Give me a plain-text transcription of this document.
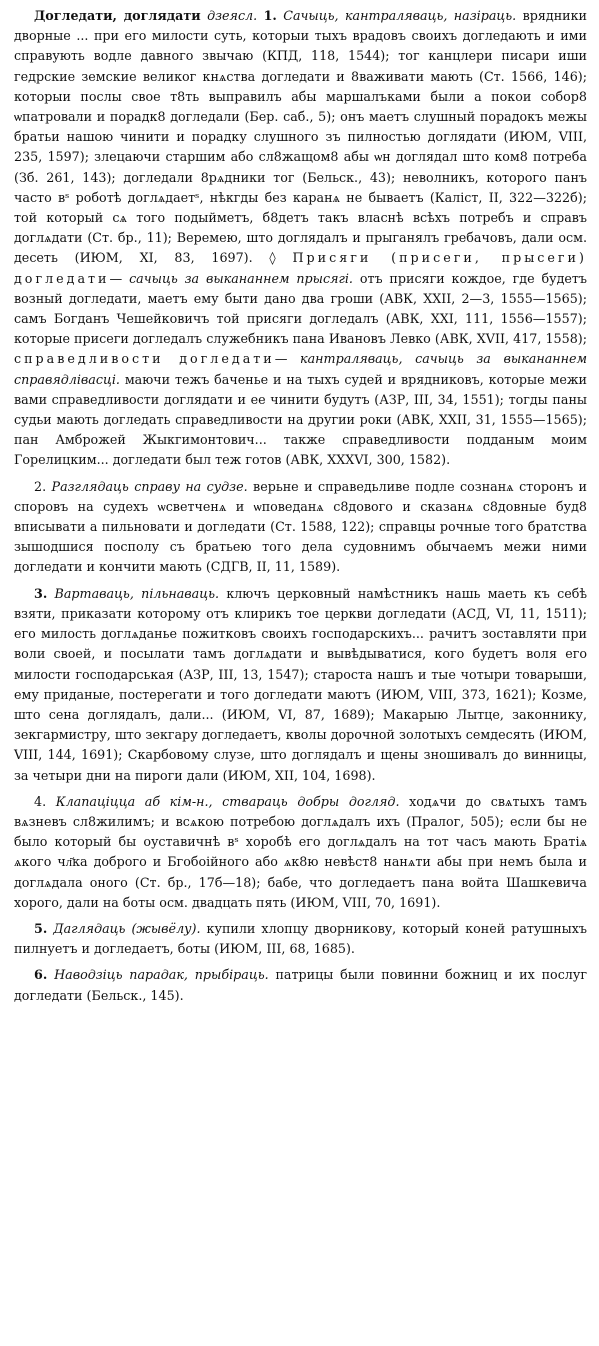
Догледати, доглядати дзеясл. 1. Сачыць, кантраляваць, назіраць. врядники дворные ... при его милости суть, которыи тыхъ врадовъ своихъ догледають и ими справують водле давного звычаю (КПД, 118, 1544); тог канцлери писари иши гедрские земские великог кнѧства догледати и 8важивати мають (Ст. 1566, 146); которыи послы свое т8ть выправилъ абы маршалъками были а покои собор8 ѡпатровали и порадк8 догледали (Бер. саб., 5); онъ маетъ слушный порадокъ межы братьи нашою чинити и порадку слушного зъ пилностью доглядати (ИЮМ, VIII, 235, 1597); злецаючи старшим або сл8жащом8 абы ѡн доглядал што ком8 потреба (Зб. 261, 143); догледали 8рѧдники тог (Бельск., 43); неволникъ, которого панъ часто вˢ роботѣ доглѧдаетˢ, нѣкгды без каранѧ не бываетъ (Каліст, II, 322—322б); той который сѧ того подыйметъ, б8детъ такъ власнѣ всѣхъ потребъ и справъ доглѧдати (Ст. бр., 11); Веремею, што доглядалъ и прыганялъ гребачовъ, дали осм. десеть (ИЮМ, XI, 83, 1697). ◊ Присяги (присеги, прысеги) догледати— сачыць за выкананнем прысягі. отъ присяги кождое, где будетъ возный догледати, маетъ ему быти дано два гроши (АВК, XXII, 2—3, 1555—1565); самъ Богданъ Чешейковичъ той присяги догледалъ (АВК, XXI, 111, 1556—1557); которые присеги догледалъ служебникъ пана Ивановъ Левко (АВК, XVII, 417, 1558); справедливости догледати— кантраляваць, сачыць за выкананнем справядлівасці. маючи тежъ баченье и на тыхъ судей и врядниковъ, которые межи вами справедливости доглядати и ее чинити будутъ (АЗР, III, 34, 1551); тогды паны судьи мають догледать справедливости на другии роки (АВК, XXII, 31, 1555—1565); пан Амброжей Жыкгимонтович... также справедливости подданым моим Горелицким... догледати был теж готов (АВК, XXXVI, 300, 1582).

2. Разглядаць справу на судзе. верьне и справедьливе подле сознанѧ сторонъ и споровъ на судехъ ѡсветченѧ и ѡповеданѧ с8дового и сказанѧ с8довные буд8 вписывати а пильновати и догледати (Ст. 1588, 122); справцы рочные того братства зышодшися посполу съ братьею того дела судовнимъ обычаемъ межи ними догледати и кончити мають (СДГВ, II, 11, 1589).

3. Вартаваць, пільнаваць. ключъ церковный намѣстникъ нашь маеть къ себѣ взяти, приказати которому отъ клирикъ тое церкви догледати (АСД, VI, 11, 1511); его милость доглѧданье пожитковъ своихъ господарскихъ... рачитъ зоставляти при воли своей, и посылати тамъ доглѧдати и вывѣдыватися, кого будетъ воля его милости господарськая (АЗР, III, 13, 1547); староста нашъ и тые чотыри товарыши, ему приданые, постерегати и того догледати маютъ (ИЮМ, VIII, 373, 1621); Козме, што сена доглядалъ, дали... (ИЮМ, VI, 87, 1689); Макарыю Лытце, законнику, зекгармистру, што зекгару догледаетъ, кволы дорочной золотыхъ семдесять (ИЮМ, VIII, 144, 1691); Скарбовому слузе, што доглядалъ и щены зношивалъ до винницы, за четыри дни на пироги дали (ИЮМ, XII, 104, 1698).

4. Клапаціцца аб кім-н., ствараць добры догляд. ходѧчи до свѧтыхъ тамъ вѧзневъ сл8жилимъ; и всѧкою потребою доглѧдалъ ихъ (Пралог, 505); если бы не было который бы оуставичнѣ вˢ хоробѣ его доглѧдалъ на тот часъ мають Братіѧ ѧкого чл҃ка доброго и Бгобоійного або ѧк8ю невѣст8 нанѧти абы при немъ была и доглѧдала оного (Ст. бр., 17б—18); бабе, что догледаетъ пана войта Шашкевича хорого, дали на боты осм. двадцать пять (ИЮМ, VIII, 70, 1691).

5. Даглядаць (жывёлу). купили хлопцу дворникову, который коней ратушныхъ пилнуетъ и догледаетъ, боты (ИЮМ, III, 68, 1685).

6. Наводзіць парадак, прыбіраць. патрицы были повинни божниц и их послуг догледати (Бельск., 145).
